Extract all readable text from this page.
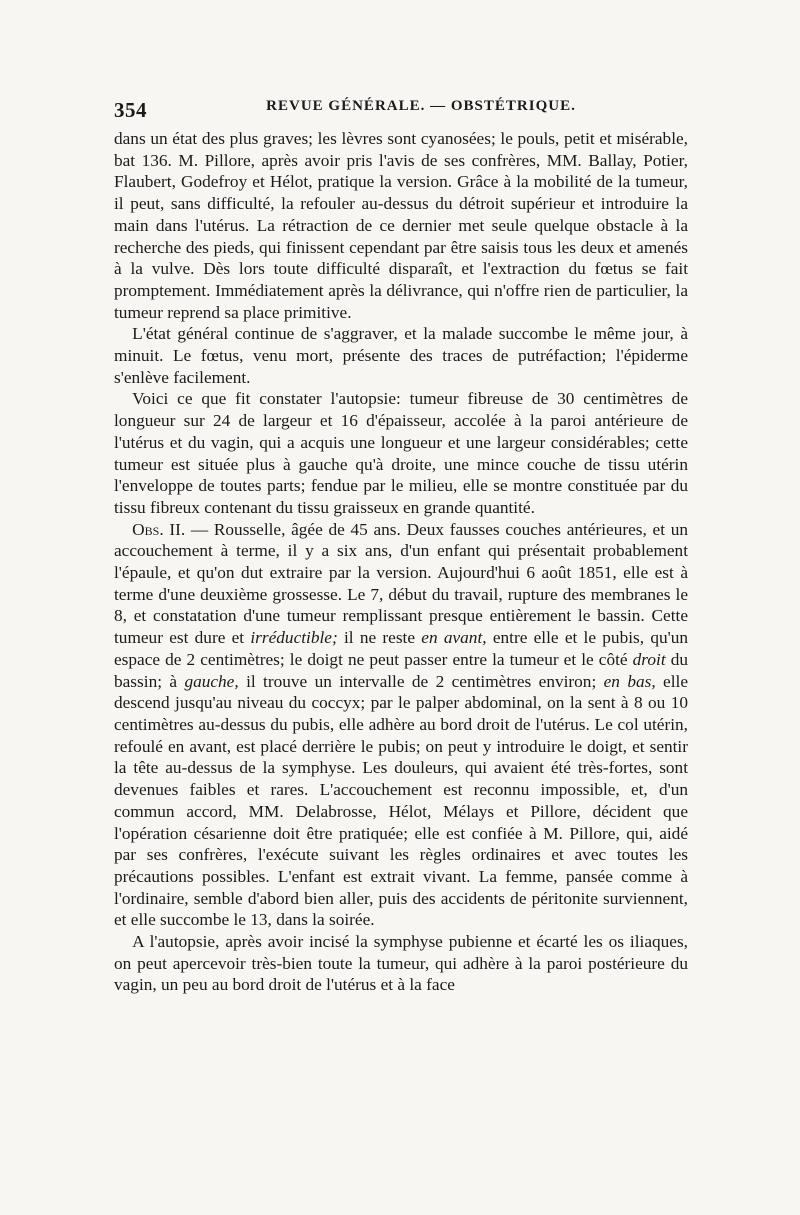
354	REVUE GÉNÉRALE. — OBSTÉTRIQUE.

dans un état des plus graves; les lèvres sont cyanosées; le pouls, petit et misérable, bat 136. M. Pillore, après avoir pris l'avis de ses confrères, MM. Ballay, Potier, Flaubert, Godefroy et Hélot, pratique la version. Grâce à la mobilité de la tumeur, il peut, sans difficulté, la refouler au-dessus du détroit supérieur et introduire la main dans l'utérus. La rétraction de ce dernier met seule quelque obstacle à la recherche des pieds, qui finissent cependant par être saisis tous les deux et amenés à la vulve. Dès lors toute difficulté disparaît, et l'extraction du fœtus se fait promptement. Immédiatement après la délivrance, qui n'offre rien de particulier, la tumeur reprend sa place primitive.

L'état général continue de s'aggraver, et la malade succombe le même jour, à minuit. Le fœtus, venu mort, présente des traces de putréfaction; l'épiderme s'enlève facilement.

Voici ce que fit constater l'autopsie: tumeur fibreuse de 30 centimètres de longueur sur 24 de largeur et 16 d'épaisseur, accolée à la paroi antérieure de l'utérus et du vagin, qui a acquis une longueur et une largeur considérables; cette tumeur est située plus à gauche qu'à droite, une mince couche de tissu utérin l'enveloppe de toutes parts; fendue par le milieu, elle se montre constituée par du tissu fibreux contenant du tissu graisseux en grande quantité.

Obs. II. — Rousselle, âgée de 45 ans. Deux fausses couches antérieures, et un accouchement à terme, il y a six ans, d'un enfant qui présentait probablement l'épaule, et qu'on dut extraire par la version. Aujourd'hui 6 août 1851, elle est à terme d'une deuxième grossesse. Le 7, début du travail, rupture des membranes le 8, et constatation d'une tumeur remplissant presque entièrement le bassin. Cette tumeur est dure et irréductible; il ne reste en avant, entre elle et le pubis, qu'un espace de 2 centimètres; le doigt ne peut passer entre la tumeur et le côté droit du bassin; à gauche, il trouve un intervalle de 2 centimètres environ; en bas, elle descend jusqu'au niveau du coccyx; par le palper abdominal, on la sent à 8 ou 10 centimètres au-dessus du pubis, elle adhère au bord droit de l'utérus. Le col utérin, refoulé en avant, est placé derrière le pubis; on peut y introduire le doigt, et sentir la tête au-dessus de la symphyse. Les douleurs, qui avaient été très-fortes, sont devenues faibles et rares. L'accouchement est reconnu impossible, et, d'un commun accord, MM. Delabrosse, Hélot, Mélays et Pillore, décident que l'opération césarienne doit être pratiquée; elle est confiée à M. Pillore, qui, aidé par ses confrères, l'exécute suivant les règles ordinaires et avec toutes les précautions possibles. L'enfant est extrait vivant. La femme, pansée comme à l'ordinaire, semble d'abord bien aller, puis des accidents de péritonite surviennent, et elle succombe le 13, dans la soirée.

A l'autopsie, après avoir incisé la symphyse pubienne et écarté les os iliaques, on peut apercevoir très-bien toute la tumeur, qui adhère à la paroi postérieure du vagin, un peu au bord droit de l'utérus et à la face
